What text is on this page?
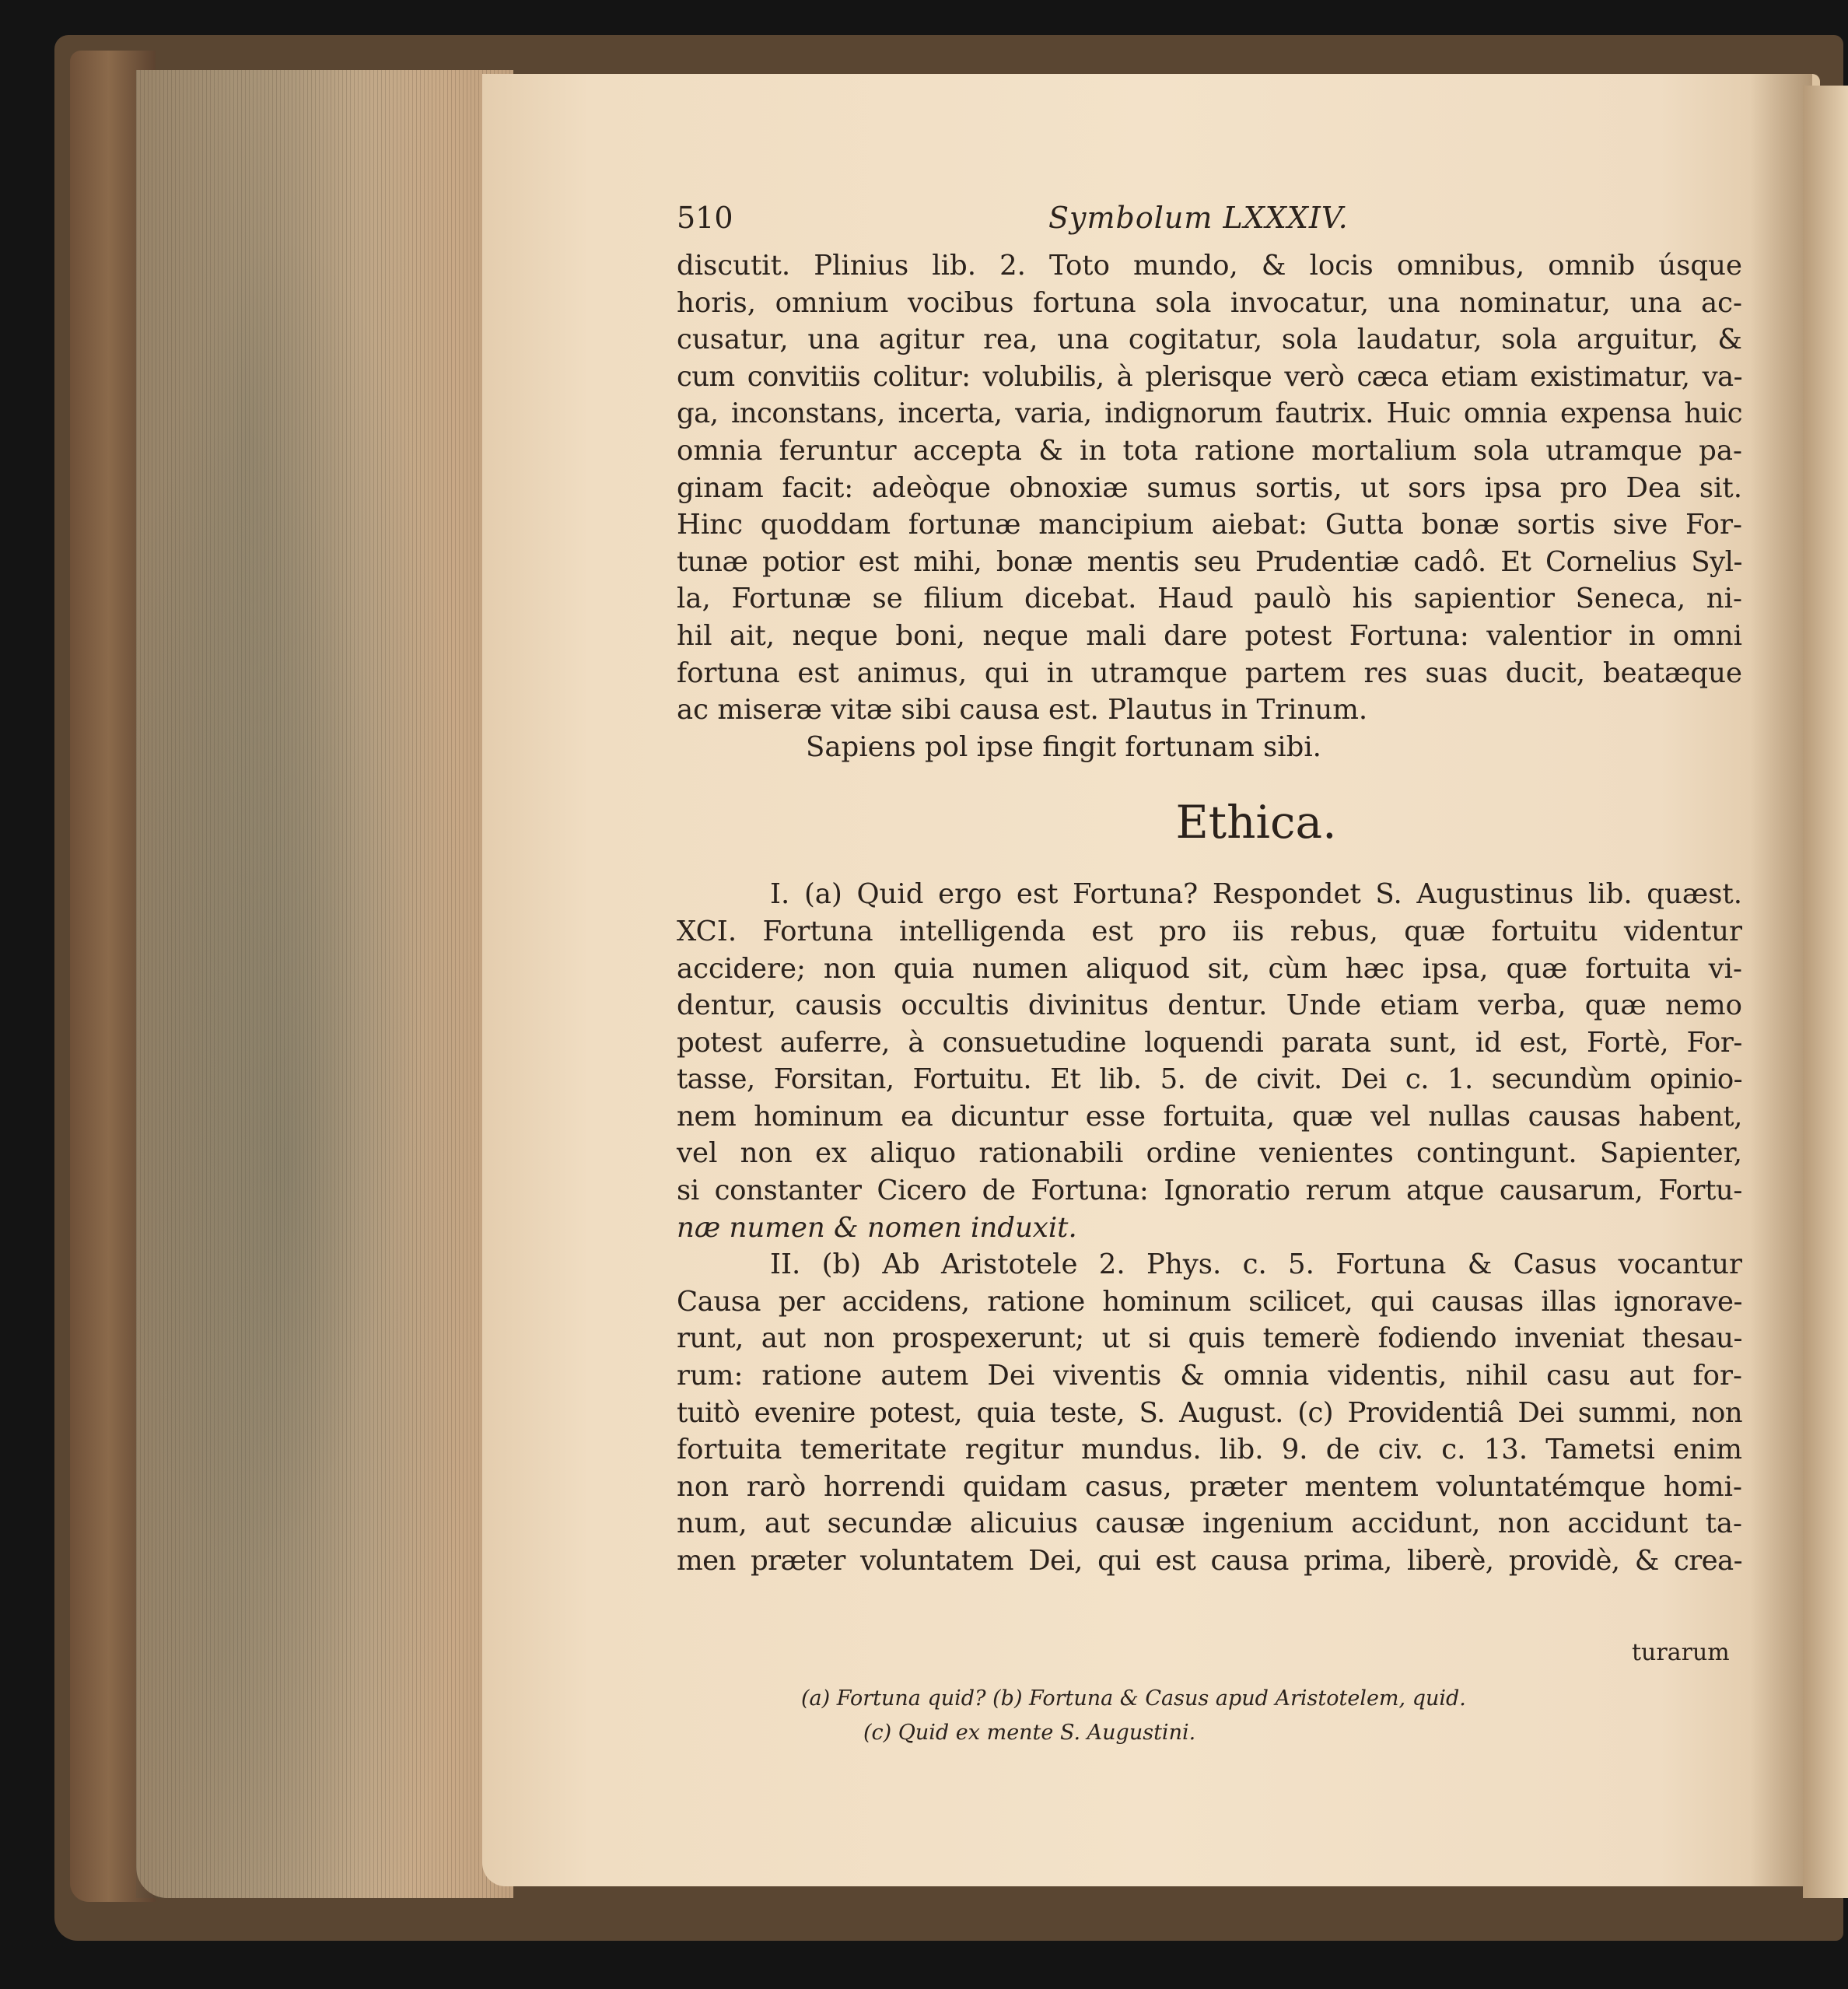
510	Symbolum LXXXIV.
discutit. Plinius lib. 2. Toto mundo, & locis omnibus, omnib úsque
horis, omnium vocibus fortuna sola invocatur, una nominatur, una ac-
cusatur, una agitur rea, una cogitatur, sola laudatur, sola arguitur, &
cum convitiis colitur: volubilis, à plerisque verò cæca etiam existimatur, va-
ga, inconstans, incerta, varia, indignorum fautrix. Huic omnia expensa huic
omnia feruntur accepta & in tota ratione mortalium sola utramque pa-
ginam facit: adeòque obnoxiæ sumus sortis, ut sors ipsa pro Dea sit.
Hinc quoddam fortunæ mancipium aiebat: Gutta bonæ sortis sive For-
tunæ potior est mihi, bonæ mentis seu Prudentiæ cadô. Et Cornelius Syl-
la, Fortunæ se filium dicebat. Haud paulò his sapientior Seneca, ni-
hil ait, neque boni, neque mali dare potest Fortuna: valentior in omni
fortuna est animus, qui in utramque partem res suas ducit, beatæque
ac miseræ vitæ sibi causa est. Plautus in Trinum.
Sapiens pol ipse fingit fortunam sibi.
Ethica.
I. (a) Quid ergo est Fortuna? Respondet S. Augustinus lib. quæst.
XCI. Fortuna intelligenda est pro iis rebus, quæ fortuitu videntur
accidere; non quia numen aliquod sit, cùm hæc ipsa, quæ fortuita vi-
dentur, causis occultis divinitus dentur. Unde etiam verba, quæ nemo
potest auferre, à consuetudine loquendi parata sunt, id est, Fortè, For-
tasse, Forsitan, Fortuitu. Et lib. 5. de civit. Dei c. 1. secundùm opinio-
nem hominum ea dicuntur esse fortuita, quæ vel nullas causas habent,
vel non ex aliquo rationabili ordine venientes contingunt. Sapienter,
si constanter Cicero de Fortuna: Ignoratio rerum atque causarum, Fortu-
næ numen & nomen induxit.
II. (b) Ab Aristotele 2. Phys. c. 5. Fortuna & Casus vocantur
Causa per accidens, ratione hominum scilicet, qui causas illas ignorave-
runt, aut non prospexerunt; ut si quis temerè fodiendo inveniat thesau-
rum: ratione autem Dei viventis & omnia videntis, nihil casu aut for-
tuitò evenire potest, quia teste, S. August. (c) Providentiâ Dei summi, non
fortuita temeritate regitur mundus. lib. 9. de civ. c. 13. Tametsi enim
non rarò horrendi quidam casus, præter mentem voluntatémque homi-
num, aut secundæ alicuius causæ ingenium accidunt, non accidunt ta-
men præter voluntatem Dei, qui est causa prima, liberè, providè, & crea-
turarum
(a) Fortuna quid? (b) Fortuna & Casus apud Aristotelem, quid.
(c) Quid ex mente S. Augustini.
